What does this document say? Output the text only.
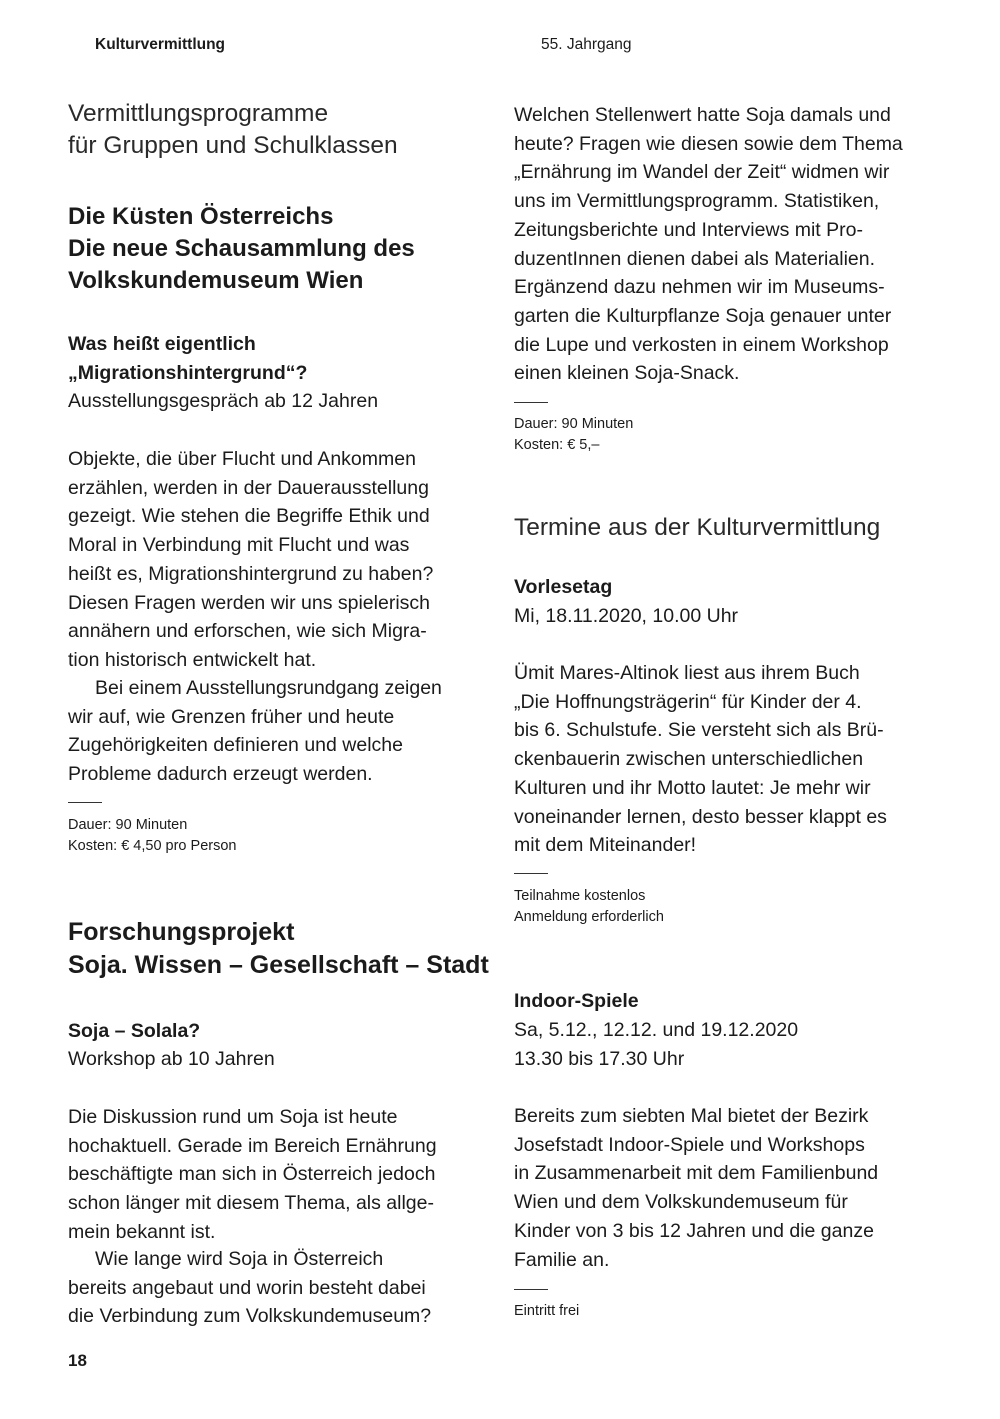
Kulturvermittlung	55. Jahrgang
Vermittlungsprogramme
für Gruppen und Schulklassen
Die Küsten Österreichs
Die neue Schausammlung des
Volkskundemuseum Wien
Was heißt eigentlich
„Migrationshintergrund“?
Ausstellungsgespräch ab 12 Jahren
Objekte, die über Flucht und Ankommen
erzählen, werden in der Dauerausstellung
gezeigt. Wie stehen die Begriffe Ethik und
Moral in Verbindung mit Flucht und was
heißt es, Migrationshintergrund zu haben?
Diesen Fragen werden wir uns spielerisch
annähern und erforschen, wie sich Migra-
tion historisch entwickelt hat.
Bei einem Ausstellungsrundgang zeigen
wir auf, wie Grenzen früher und heute
Zugehörigkeiten definieren und welche
Probleme dadurch erzeugt werden.
Dauer: 90 Minuten
Kosten: € 4,50 pro Person
Forschungsprojekt
Soja. Wissen – Gesellschaft – Stadt
Soja – Solala?
Workshop ab 10 Jahren
Die Diskussion rund um Soja ist heute
hochaktuell. Gerade im Bereich Ernährung
beschäftigte man sich in Österreich jedoch
schon länger mit diesem Thema, als allge-
mein bekannt ist.
Wie lange wird Soja in Österreich
bereits angebaut und worin besteht dabei
die Verbindung zum Volkskundemuseum?
18
Welchen Stellenwert hatte Soja damals und
heute? Fragen wie diesen sowie dem Thema
„Ernährung im Wandel der Zeit“ widmen wir
uns im Vermittlungsprogramm. Statistiken,
Zeitungsberichte und Interviews mit Pro-
duzentInnen dienen dabei als Materialien.
Ergänzend dazu nehmen wir im Museums-
garten die Kulturpflanze Soja genauer unter
die Lupe und verkosten in einem Workshop
einen kleinen Soja-Snack.
Dauer: 90 Minuten
Kosten: € 5,–
Termine aus der Kulturvermittlung
Vorlesetag
Mi, 18.11.2020, 10.00 Uhr
Ümit Mares-Altinok liest aus ihrem Buch
„Die Hoffnungsträgerin“ für Kinder der 4.
bis 6. Schulstufe. Sie versteht sich als Brü-
ckenbauerin zwischen unterschiedlichen
Kulturen und ihr Motto lautet: Je mehr wir
voneinander lernen, desto besser klappt es
mit dem Miteinander!
Teilnahme kostenlos
Anmeldung erforderlich
Indoor-Spiele
Sa, 5.12., 12.12. und 19.12.2020
13.30 bis 17.30 Uhr
Bereits zum siebten Mal bietet der Bezirk
Josefstadt Indoor-Spiele und Workshops
in Zusammenarbeit mit dem Familienbund
Wien und dem Volkskundemuseum für
Kinder von 3 bis 12 Jahren und die ganze
Familie an.
Eintritt frei
